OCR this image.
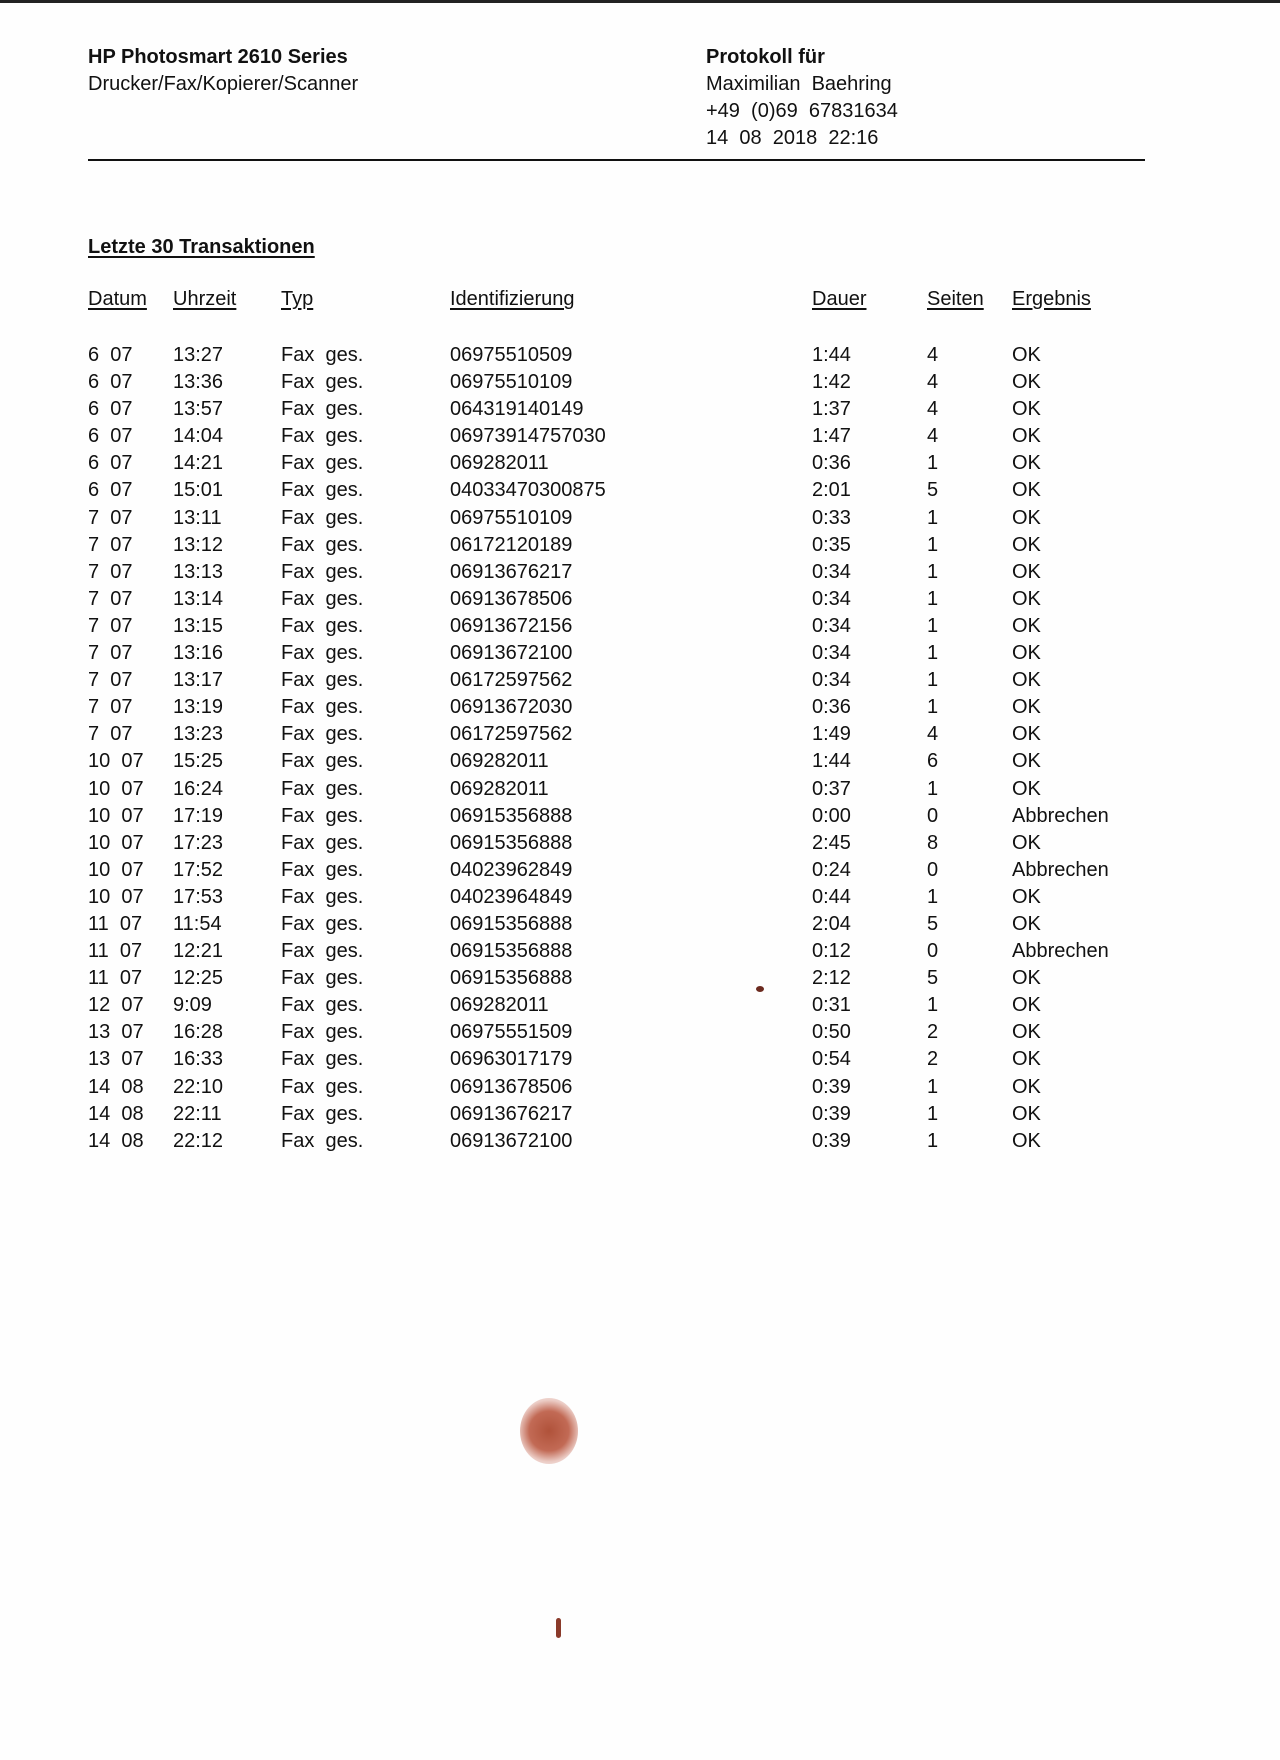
HP Photosmart 2610 Series
Drucker/Fax/Kopierer/Scanner
Protokoll für
Maximilian  Baehring
+49  (0)69  67831634
14  08  2018  22:16
Letzte 30 Transaktionen
Datum	Uhrzeit	Typ	Identifizierung	Dauer	Seiten	Ergebnis

6  07	13:27	Fax  ges.	06975510509	1:44	4	OK
6  07	13:36	Fax  ges.	06975510109	1:42	4	OK
6  07	13:57	Fax  ges.	064319140149	1:37	4	OK
6  07	14:04	Fax  ges.	06973914757030	1:47	4	OK
6  07	14:21	Fax  ges.	069282011	0:36	1	OK
6  07	15:01	Fax  ges.	04033470300875	2:01	5	OK
7  07	13:11	Fax  ges.	06975510109	0:33	1	OK
7  07	13:12	Fax  ges.	06172120189	0:35	1	OK
7  07	13:13	Fax  ges.	06913676217	0:34	1	OK
7  07	13:14	Fax  ges.	06913678506	0:34	1	OK
7  07	13:15	Fax  ges.	06913672156	0:34	1	OK
7  07	13:16	Fax  ges.	06913672100	0:34	1	OK
7  07	13:17	Fax  ges.	06172597562	0:34	1	OK
7  07	13:19	Fax  ges.	06913672030	0:36	1	OK
7  07	13:23	Fax  ges.	06172597562	1:49	4	OK
10  07	15:25	Fax  ges.	069282011	1:44	6	OK
10  07	16:24	Fax  ges.	069282011	0:37	1	OK
10  07	17:19	Fax  ges.	06915356888	0:00	0	Abbrechen
10  07	17:23	Fax  ges.	06915356888	2:45	8	OK
10  07	17:52	Fax  ges.	04023962849	0:24	0	Abbrechen
10  07	17:53	Fax  ges.	04023964849	0:44	1	OK
11  07	11:54	Fax  ges.	06915356888	2:04	5	OK
11  07	12:21	Fax  ges.	06915356888	0:12	0	Abbrechen
11  07	12:25	Fax  ges.	06915356888	2:12	5	OK
12  07	9:09	Fax  ges.	069282011	0:31	1	OK
13  07	16:28	Fax  ges.	06975551509	0:50	2	OK
13  07	16:33	Fax  ges.	06963017179	0:54	2	OK
14  08	22:10	Fax  ges.	06913678506	0:39	1	OK
14  08	22:11	Fax  ges.	06913676217	0:39	1	OK
14  08	22:12	Fax  ges.	06913672100	0:39	1	OK
